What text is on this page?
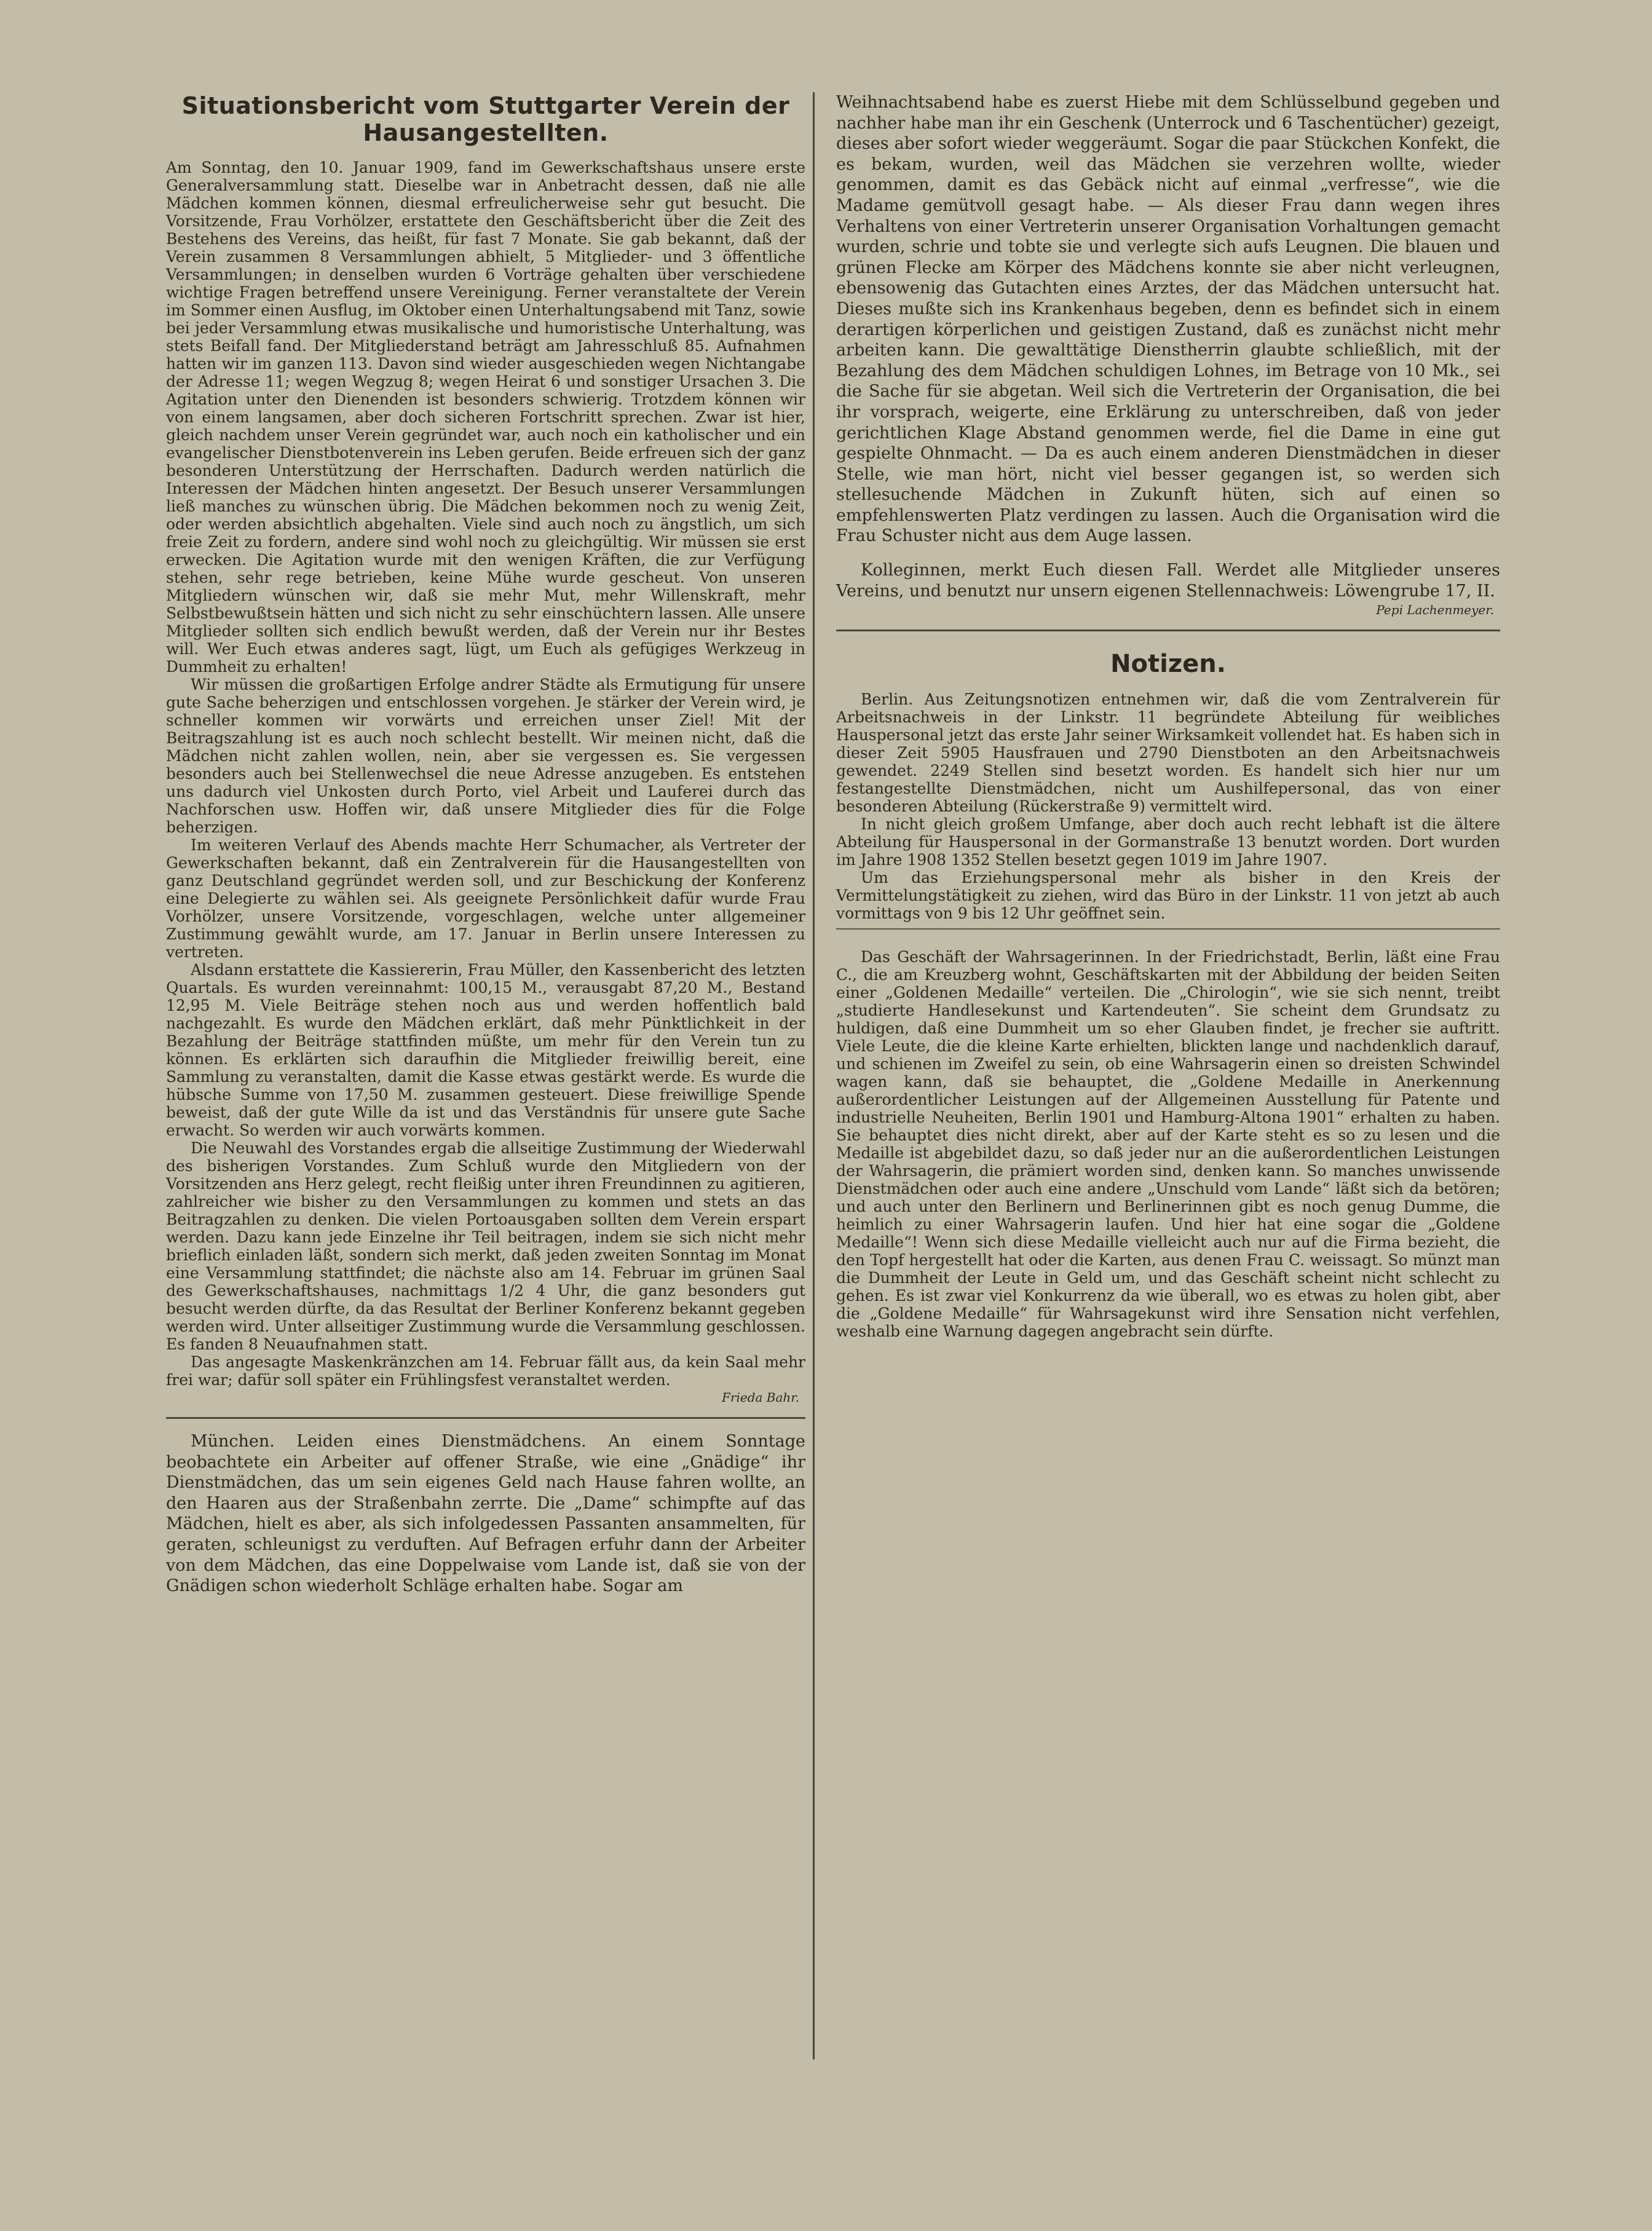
Situationsbericht vom Stuttgarter Verein der Hausangestellten.

Am Sonntag, den 10. Januar 1909, fand im Gewerkschaftshaus unsere erste Generalversammlung statt. Dieselbe war in Anbetracht dessen, daß nie alle Mädchen kommen können, diesmal erfreulicherweise sehr gut besucht. Die Vorsitzende, Frau Vorhölzer, erstattete den Geschäftsbericht über die Zeit des Bestehens des Vereins, das heißt, für fast 7 Monate. Sie gab bekannt, daß der Verein zusammen 8 Versammlungen abhielt, 5 Mitglieder- und 3 öffentliche Versammlungen; in denselben wurden 6 Vorträge gehalten über verschiedene wichtige Fragen betreffend unsere Vereinigung. Ferner veranstaltete der Verein im Sommer einen Ausflug, im Oktober einen Unterhaltungsabend mit Tanz, sowie bei jeder Versammlung etwas musikalische und humoristische Unterhaltung, was stets Beifall fand. Der Mitgliederstand beträgt am Jahresschluß 85. Aufnahmen hatten wir im ganzen 113. Davon sind wieder ausgeschieden wegen Nichtangabe der Adresse 11; wegen Wegzug 8; wegen Heirat 6 und sonstiger Ursachen 3. Die Agitation unter den Dienenden ist besonders schwierig. Trotzdem können wir von einem langsamen, aber doch sicheren Fortschritt sprechen. Zwar ist hier, gleich nachdem unser Verein gegründet war, auch noch ein katholischer und ein evangelischer Dienstbotenverein ins Leben gerufen. Beide erfreuen sich der ganz besonderen Unterstützung der Herrschaften. Dadurch werden natürlich die Interessen der Mädchen hinten angesetzt. Der Besuch unserer Versammlungen ließ manches zu wünschen übrig. Die Mädchen bekommen noch zu wenig Zeit, oder werden absichtlich abgehalten. Viele sind auch noch zu ängstlich, um sich freie Zeit zu fordern, andere sind wohl noch zu gleichgültig. Wir müssen sie erst erwecken. Die Agitation wurde mit den wenigen Kräften, die zur Verfügung stehen, sehr rege betrieben, keine Mühe wurde gescheut. Von unseren Mitgliedern wünschen wir, daß sie mehr Mut, mehr Willenskraft, mehr Selbstbewußtsein hätten und sich nicht zu sehr einschüchtern lassen. Alle unsere Mitglieder sollten sich endlich bewußt werden, daß der Verein nur ihr Bestes will. Wer Euch etwas anderes sagt, lügt, um Euch als gefügiges Werkzeug in Dummheit zu erhalten!

Wir müssen die großartigen Erfolge andrer Städte als Ermutigung für unsere gute Sache beherzigen und entschlossen vorgehen. Je stärker der Verein wird, je schneller kommen wir vorwärts und erreichen unser Ziel! Mit der Beitragszahlung ist es auch noch schlecht bestellt. Wir meinen nicht, daß die Mädchen nicht zahlen wollen, nein, aber sie vergessen es. Sie vergessen besonders auch bei Stellenwechsel die neue Adresse anzugeben. Es entstehen uns dadurch viel Unkosten durch Porto, viel Arbeit und Lauferei durch das Nachforschen usw. Hoffen wir, daß unsere Mitglieder dies für die Folge beherzigen.

Im weiteren Verlauf des Abends machte Herr Schumacher, als Vertreter der Gewerkschaften bekannt, daß ein Zentralverein für die Hausangestellten von ganz Deutschland gegründet werden soll, und zur Beschickung der Konferenz eine Delegierte zu wählen sei. Als geeignete Persönlichkeit dafür wurde Frau Vorhölzer, unsere Vorsitzende, vorgeschlagen, welche unter allgemeiner Zustimmung gewählt wurde, am 17. Januar in Berlin unsere Interessen zu vertreten.

Alsdann erstattete die Kassiererin, Frau Müller, den Kassenbericht des letzten Quartals. Es wurden vereinnahmt: 100,15 M., verausgabt 87,20 M., Bestand 12,95 M. Viele Beiträge stehen noch aus und werden hoffentlich bald nachgezahlt. Es wurde den Mädchen erklärt, daß mehr Pünktlichkeit in der Bezahlung der Beiträge stattfinden müßte, um mehr für den Verein tun zu können. Es erklärten sich daraufhin die Mitglieder freiwillig bereit, eine Sammlung zu veranstalten, damit die Kasse etwas gestärkt werde. Es wurde die hübsche Summe von 17,50 M. zusammen gesteuert. Diese freiwillige Spende beweist, daß der gute Wille da ist und das Verständnis für unsere gute Sache erwacht. So werden wir auch vorwärts kommen.

Die Neuwahl des Vorstandes ergab die allseitige Zustimmung der Wiederwahl des bisherigen Vorstandes. Zum Schluß wurde den Mitgliedern von der Vorsitzenden ans Herz gelegt, recht fleißig unter ihren Freundinnen zu agitieren, zahlreicher wie bisher zu den Versammlungen zu kommen und stets an das Beitragzahlen zu denken. Die vielen Portoausgaben sollten dem Verein erspart werden. Dazu kann jede Einzelne ihr Teil beitragen, indem sie sich nicht mehr brieflich einladen läßt, sondern sich merkt, daß jeden zweiten Sonntag im Monat eine Versammlung stattfindet; die nächste also am 14. Februar im grünen Saal des Gewerkschaftshauses, nachmittags 1/2 4 Uhr, die ganz besonders gut besucht werden dürfte, da das Resultat der Berliner Konferenz bekannt gegeben werden wird. Unter allseitiger Zustimmung wurde die Versammlung geschlossen. Es fanden 8 Neuaufnahmen statt.

Das angesagte Maskenkränzchen am 14. Februar fällt aus, da kein Saal mehr frei war; dafür soll später ein Frühlingsfest veranstaltet werden.

Frieda Bahr.

München. Leiden eines Dienstmädchens. An einem Sonntage beobachtete ein Arbeiter auf offener Straße, wie eine „Gnädige“ ihr Dienstmädchen, das um sein eigenes Geld nach Hause fahren wollte, an den Haaren aus der Straßenbahn zerrte. Die „Dame“ schimpfte auf das Mädchen, hielt es aber, als sich infolgedessen Passanten ansammelten, für geraten, schleunigst zu verduften. Auf Befragen erfuhr dann der Arbeiter von dem Mädchen, das eine Doppelwaise vom Lande ist, daß sie von der Gnädigen schon wiederholt Schläge erhalten habe. Sogar am

Weihnachtsabend habe es zuerst Hiebe mit dem Schlüsselbund gegeben und nachher habe man ihr ein Geschenk (Unterrock und 6 Taschentücher) gezeigt, dieses aber sofort wieder weggeräumt. Sogar die paar Stückchen Konfekt, die es bekam, wurden, weil das Mädchen sie verzehren wollte, wieder genommen, damit es das Gebäck nicht auf einmal „verfresse“, wie die Madame gemütvoll gesagt habe. — Als dieser Frau dann wegen ihres Verhaltens von einer Vertreterin unserer Organisation Vorhaltungen gemacht wurden, schrie und tobte sie und verlegte sich aufs Leugnen. Die blauen und grünen Flecke am Körper des Mädchens konnte sie aber nicht verleugnen, ebensowenig das Gutachten eines Arztes, der das Mädchen untersucht hat. Dieses mußte sich ins Krankenhaus begeben, denn es befindet sich in einem derartigen körperlichen und geistigen Zustand, daß es zunächst nicht mehr arbeiten kann. Die gewalttätige Dienstherrin glaubte schließlich, mit der Bezahlung des dem Mädchen schuldigen Lohnes, im Betrage von 10 Mk., sei die Sache für sie abgetan. Weil sich die Vertreterin der Organisation, die bei ihr vorsprach, weigerte, eine Erklärung zu unterschreiben, daß von jeder gerichtlichen Klage Abstand genommen werde, fiel die Dame in eine gut gespielte Ohnmacht. — Da es auch einem anderen Dienstmädchen in dieser Stelle, wie man hört, nicht viel besser gegangen ist, so werden sich stellesuchende Mädchen in Zukunft hüten, sich auf einen so empfehlenswerten Platz verdingen zu lassen. Auch die Organisation wird die Frau Schuster nicht aus dem Auge lassen.

Kolleginnen, merkt Euch diesen Fall. Werdet alle Mitglieder unseres Vereins, und benutzt nur unsern eigenen Stellennachweis: Löwengrube 17, II.

Pepi Lachenmeyer.
Notizen.

Berlin. Aus Zeitungsnotizen entnehmen wir, daß die vom Zentralverein für Arbeitsnachweis in der Linkstr. 11 begründete Abteilung für weibliches Hauspersonal jetzt das erste Jahr seiner Wirksamkeit vollendet hat. Es haben sich in dieser Zeit 5905 Hausfrauen und 2790 Dienstboten an den Arbeitsnachweis gewendet. 2249 Stellen sind besetzt worden. Es handelt sich hier nur um festangestellte Dienstmädchen, nicht um Aushilfepersonal, das von einer besonderen Abteilung (Rückerstraße 9) vermittelt wird.

In nicht gleich großem Umfange, aber doch auch recht lebhaft ist die ältere Abteilung für Hauspersonal in der Gormanstraße 13 benutzt worden. Dort wurden im Jahre 1908 1352 Stellen besetzt gegen 1019 im Jahre 1907.

Um das Erziehungspersonal mehr als bisher in den Kreis der Vermittelungstätigkeit zu ziehen, wird das Büro in der Linkstr. 11 von jetzt ab auch vormittags von 9 bis 12 Uhr geöffnet sein.

Das Geschäft der Wahrsagerinnen. In der Friedrichstadt, Berlin, läßt eine Frau C., die am Kreuzberg wohnt, Geschäftskarten mit der Abbildung der beiden Seiten einer „Goldenen Medaille“ verteilen. Die „Chirologin“, wie sie sich nennt, treibt „studierte Handlesekunst und Kartendeuten“. Sie scheint dem Grundsatz zu huldigen, daß eine Dummheit um so eher Glauben findet, je frecher sie auftritt. Viele Leute, die die kleine Karte erhielten, blickten lange und nachdenklich darauf, und schienen im Zweifel zu sein, ob eine Wahrsagerin einen so dreisten Schwindel wagen kann, daß sie behauptet, die „Goldene Medaille in Anerkennung außerordentlicher Leistungen auf der Allgemeinen Ausstellung für Patente und industrielle Neuheiten, Berlin 1901 und Hamburg-Altona 1901“ erhalten zu haben. Sie behauptet dies nicht direkt, aber auf der Karte steht es so zu lesen und die Medaille ist abgebildet dazu, so daß jeder nur an die außerordentlichen Leistungen der Wahrsagerin, die prämiert worden sind, denken kann. So manches unwissende Dienstmädchen oder auch eine andere „Unschuld vom Lande“ läßt sich da betören; und auch unter den Berlinern und Berlinerinnen gibt es noch genug Dumme, die heimlich zu einer Wahrsagerin laufen. Und hier hat eine sogar die „Goldene Medaille“! Wenn sich diese Medaille vielleicht auch nur auf die Firma bezieht, die den Topf hergestellt hat oder die Karten, aus denen Frau C. weissagt. So münzt man die Dummheit der Leute in Geld um, und das Geschäft scheint nicht schlecht zu gehen. Es ist zwar viel Konkurrenz da wie überall, wo es etwas zu holen gibt, aber die „Goldene Medaille“ für Wahrsagekunst wird ihre Sensation nicht verfehlen, weshalb eine Warnung dagegen angebracht sein dürfte.
